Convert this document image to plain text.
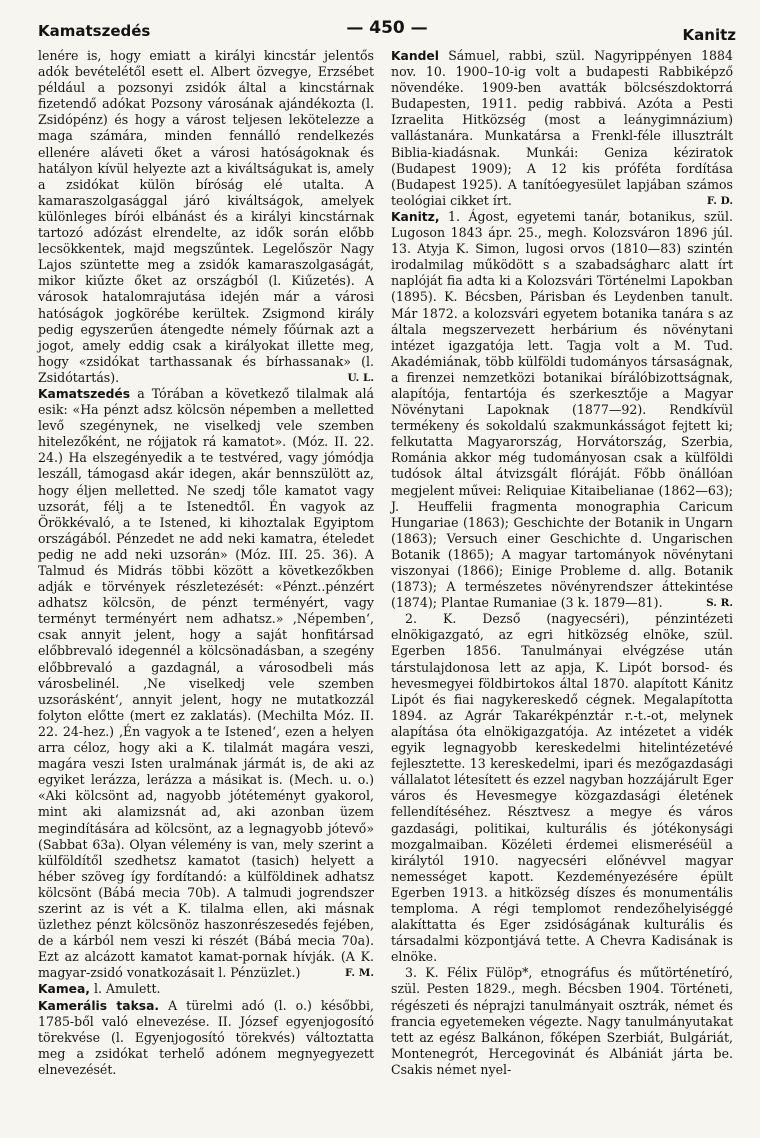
Kamatszedés	— 450 —	Kanitz

lenére is, hogy emiatt a királyi kincstár jelentős adók bevételétől esett el. Albert özvegye, Erzsébet például a pozsonyi zsidók által a kincstárnak fizetendő adókat Pozsony városának ajándékozta (l. Zsidópénz) és hogy a várost teljesen lekötelezze a maga számára, minden fennálló rendelkezés ellenére aláveti őket a városi hatóságoknak és hatályon kívül helyezte azt a kiváltságukat is, amely a zsidókat külön bíróság elé utalta. A kamaraszolgasággal járó kiváltságok, amelyek különleges bírói elbánást és a királyi kincstárnak tartozó adózást elrendelte, az idők során előbb lecsökkentek, majd megszűntek. Legelőször Nagy Lajos szüntette meg a zsidók kamaraszolgaságát, mikor kiűzte őket az országból (l. Kiűzetés). A városok hatalomrajutása idején már a városi hatóságok jogkörébe kerültek. Zsigmond király pedig egyszerűen átengedte némely főúrnak azt a jogot, amely eddig csak a királyokat illette meg, hogy «zsidókat tarthassanak és bírhassanak» (l. Zsidótartás).	U. L.

Kamatszedés a Tórában a következő tilalmak alá esik: «Ha pénzt adsz kölcsön népemben a melletted levő szegénynek, ne viselkedj vele szemben hitelezőként, ne rójjatok rá kamatot». (Móz. II. 22. 24.) Ha elszegényedik a te testvéred, vagy jómódja leszáll, támogasd akár idegen, akár bennszülött az, hogy éljen melletted. Ne szedj tőle kamatot vagy uzsorát, félj a te Istenedtől. Én vagyok az Örökkévaló, a te Istened, ki kihoztalak Egyiptom országából. Pénzedet ne add neki kamatra, ételedet pedig ne add neki uzsorán» (Móz. III. 25. 36). A Talmud és Midrás többi között a következőkben adják e törvények részletezését: «Pénzt..pénzért adhatsz kölcsön, de pénzt terményért, vagy terményt terményért nem adhatsz.» ‚Népemben‘, csak annyit jelent, hogy a saját honfitársad előbbrevaló idegennél a kölcsönadásban, a szegény előbbrevaló a gazdagnál, a városodbeli más városbelinél. ‚Ne viselkedj vele szemben uzsorásként‘, annyit jelent, hogy ne mutatkozzál folyton előtte (mert ez zaklatás). (Mechilta Móz. II. 22. 24-hez.) ‚Én vagyok a te Istened‘, ezen a helyen arra céloz, hogy aki a K. tilalmát magára veszi, magára veszi Isten uralmának jármát is, de aki az egyiket lerázza, lerázza a másikat is. (Mech. u. o.) «Aki kölcsönt ad, nagyobb jótéteményt gyakorol, mint aki alamizsnát ad, aki azonban üzem megindítására ad kölcsönt, az a legnagyobb jótevő» (Sabbat 63a). Olyan vélemény is van, mely szerint a külföldítől szedhetsz kamatot (tasich) helyett a héber szöveg így fordítandó: a külföldinek adhatsz kölcsönt (Bábá mecia 70b). A talmudi jogrendszer szerint az is vét a K. tilalma ellen, aki másnak üzlethez pénzt kölcsönöz haszonrészesedés fejében, de a kárból nem veszi ki részét (Bábá mecia 70a). Ezt az alcázott kamatot kamat-pornak hívják. (A K. magyar-zsidó vonatkozásait l. Pénzüzlet.)	F. M.

Kamea, l. Amulett.

Kamerális taksa. A türelmi adó (l. o.) későbbi, 1785-ből való elnevezése. II. József egyenjogosító törekvése (l. Egyenjogosító törekvés) változtatta meg a zsidókat terhelő adónem megnyegyezett elnevezését.

Kandel Sámuel, rabbi, szül. Nagyrippényen 1884 nov. 10. 1900–10-ig volt a budapesti Rabbiképző növendéke. 1909-ben avatták bölcsészdoktorrá Budapesten, 1911. pedig rabbivá. Azóta a Pesti Izraelita Hitközség (most a leánygimnázium) vallástanára. Munkatársa a Frenkl-féle illusztrált Biblia-kiadásnak. Munkái: Geniza kéziratok (Budapest 1909); A 12 kis próféta fordítása (Budapest 1925). A tanítóegyesület lapjában számos teológiai cikket írt.	F. D.

Kanitz, 1. Ágost, egyetemi tanár, botanikus, szül. Lugoson 1843 ápr. 25., megh. Kolozsváron 1896 júl. 13. Atyja K. Simon, lugosi orvos (1810—83) szintén irodalmilag működött s a szabadságharc alatt írt naplóját fia adta ki a Kolozsvári Történelmi Lapokban (1895). K. Bécsben, Párisban és Leydenben tanult. Már 1872. a kolozsvári egyetem botanika tanára s az általa megszervezett herbárium és növénytani intézet igazgatója lett. Tagja volt a M. Tud. Akadémiának, több külföldi tudományos társaságnak, a firenzei nemzetközi botanikai bírálóbizottságnak, alapítója, fentartója és szerkesztője a Magyar Növénytani Lapoknak (1877—92). Rendkívül termékeny és sokoldalú szakmunkásságot fejtett ki; felkutatta Magyarország, Horvátország, Szerbia, Románia akkor még tudományosan csak a külföldi tudósok által átvizsgált flóráját. Főbb önállóan megjelent művei: Reliquiae Kitaibelianae (1862—63); J. Heuffelii fragmenta monographia Caricum Hungariae (1863); Geschichte der Botanik in Ungarn (1863); Versuch einer Geschichte d. Ungarischen Botanik (1865); A magyar tartományok növénytani viszonyai (1866); Einige Probleme d. allg. Botanik (1873); A természetes növényrendszer áttekintése (1874); Plantae Rumaniae (3 k. 1879—81).	S. R.

2. K. Dezső (nagyecséri), pénzintézeti elnökigazgató, az egri hitközség elnöke, szül. Egerben 1856. Tanulmányai elvégzése után társtulajdonosa lett az apja, K. Lipót borsod- és hevesmegyei földbirtokos által 1870. alapított Kánitz Lipót és fiai nagykereskedő cégnek. Megalapította 1894. az Agrár Takarékpénztár r.-t.-ot, melynek alapítása óta elnökigazgatója. Az intézetet a vidék egyik legnagyobb kereskedelmi hitelintézetévé fejlesztette. 13 kereskedelmi, ipari és mezőgazdasági vállalatot létesített és ezzel nagyban hozzájárult Eger város és Hevesmegye közgazdasági életének fellendítéséhez. Résztvesz a megye és város gazdasági, politikai, kulturális és jótékonysági mozgalmaiban. Közéleti érdemei elismeréséül a királytól 1910. nagyecséri előnévvel magyar nemességet kapott. Kezdeményezésére épült Egerben 1913. a hitközség díszes és monumentális temploma. A régi templomot rendezőhelyiséggé alakíttatta és Eger zsidóságának kulturális és társadalmi központjává tette. A Chevra Kadisának is elnöke.

3. K. Félix Fülöp*, etnográfus és műtörténetíró, szül. Pesten 1829., megh. Bécsben 1904. Történeti, régészeti és néprajzi tanulmányait osztrák, német és francia egyetemeken végezte. Nagy tanulmányutakat tett az egész Balkánon, főképen Szerbiát, Bulgáriát, Montenegrót, Hercegovinát és Albániát járta be. Csakis német nyel-
